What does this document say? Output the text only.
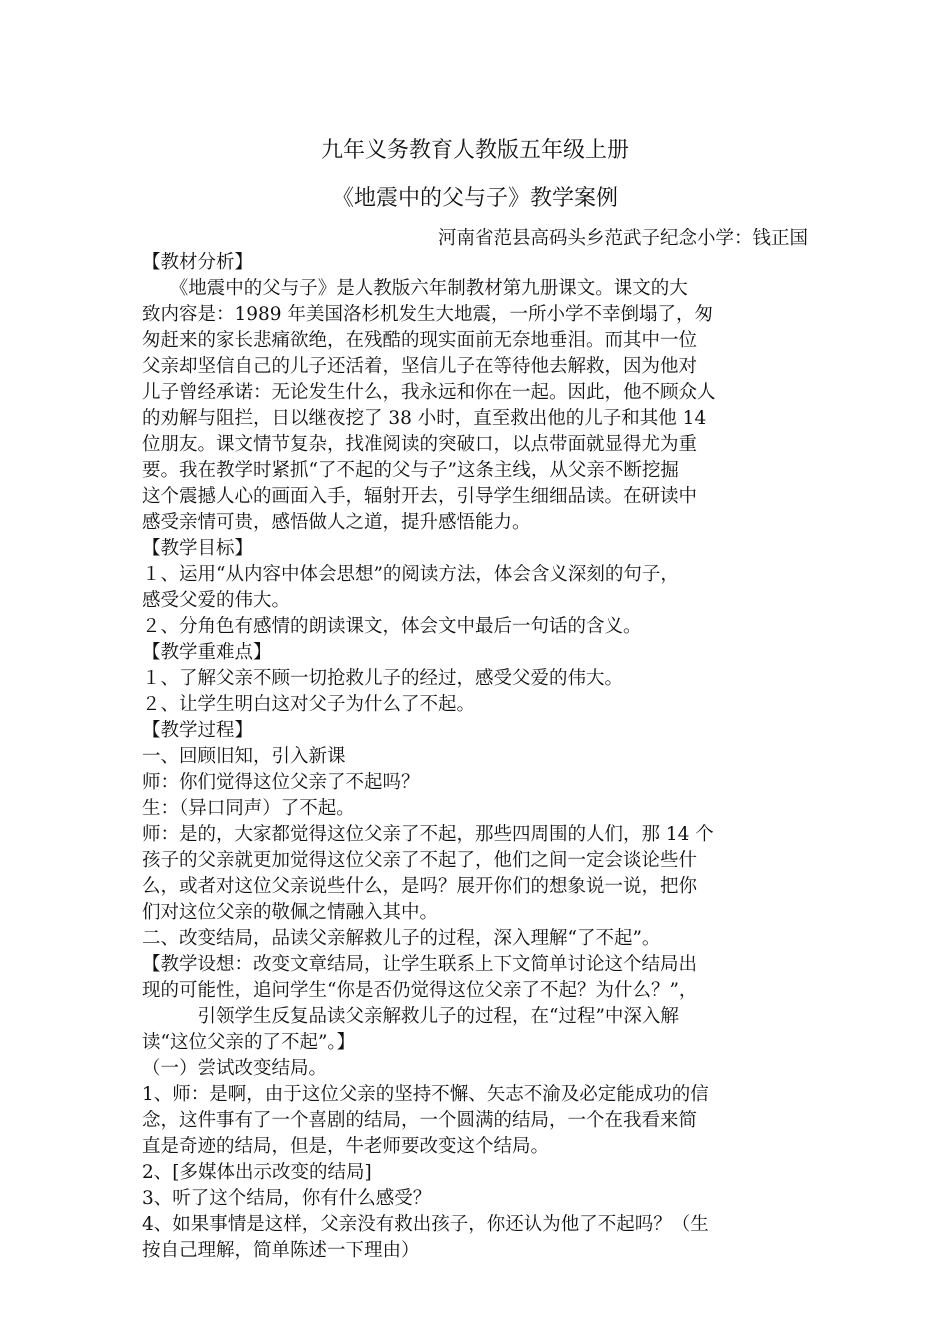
九年义务教育人教版五年级上册
《地震中的父与子》教学案例
河南省范县高码头乡范武子纪念小学：钱正国

【教材分析】

　　《地震中的父与子》是人教版六年制教材第九册课文。课文的大

致内容是：1989 年美国洛杉机发生大地震，一所小学不幸倒塌了，匆

匆赶来的家长悲痛欲绝，在残酷的现实面前无奈地垂泪。而其中一位

父亲却坚信自己的儿子还活着，坚信儿子在等待他去解救，因为他对

儿子曾经承诺：无论发生什么，我永远和你在一起。因此，他不顾众人

的劝解与阻拦，日以继夜挖了 38 小时，直至救出他的儿子和其他 14

位朋友。课文情节复杂，找准阅读的突破口，以点带面就显得尤为重

要。我在教学时紧抓“了不起的父与子”这条主线，从父亲不断挖掘

这个震撼人心的画面入手，辐射开去，引导学生细细品读。在研读中

感受亲情可贵，感悟做人之道，提升感悟能力。

【教学目标】

１、运用“从内容中体会思想”的阅读方法，体会含义深刻的句子，

感受父爱的伟大。

２、分角色有感情的朗读课文，体会文中最后一句话的含义。

【教学重难点】

１、了解父亲不顾一切抢救儿子的经过，感受父爱的伟大。

２、让学生明白这对父子为什么了不起。

【教学过程】

一、回顾旧知，引入新课

师：你们觉得这位父亲了不起吗？

生：（异口同声）了不起。

师：是的，大家都觉得这位父亲了不起，那些四周围的人们，那 14 个

孩子的父亲就更加觉得这位父亲了不起了，他们之间一定会谈论些什

么，或者对这位父亲说些什么，是吗？展开你们的想象说一说，把你

们对这位父亲的敬佩之情融入其中。

二、改变结局，品读父亲解救儿子的过程，深入理解“了不起”。

【教学设想：改变文章结局，让学生联系上下文简单讨论这个结局出

现的可能性，追问学生“你是否仍觉得这位父亲了不起？为什么？”，

　　　引领学生反复品读父亲解救儿子的过程，在“过程”中深入解

读“这位父亲的了不起”。】

（一）尝试改变结局。

1、师：是啊，由于这位父亲的坚持不懈、矢志不渝及必定能成功的信

念，这件事有了一个喜剧的结局，一个圆满的结局，一个在我看来简

直是奇迹的结局，但是，牛老师要改变这个结局。

2、[多媒体出示改变的结局]

3、听了这个结局，你有什么感受？

4、如果事情是这样，父亲没有救出孩子，你还认为他了不起吗？（生

按自己理解，简单陈述一下理由）
